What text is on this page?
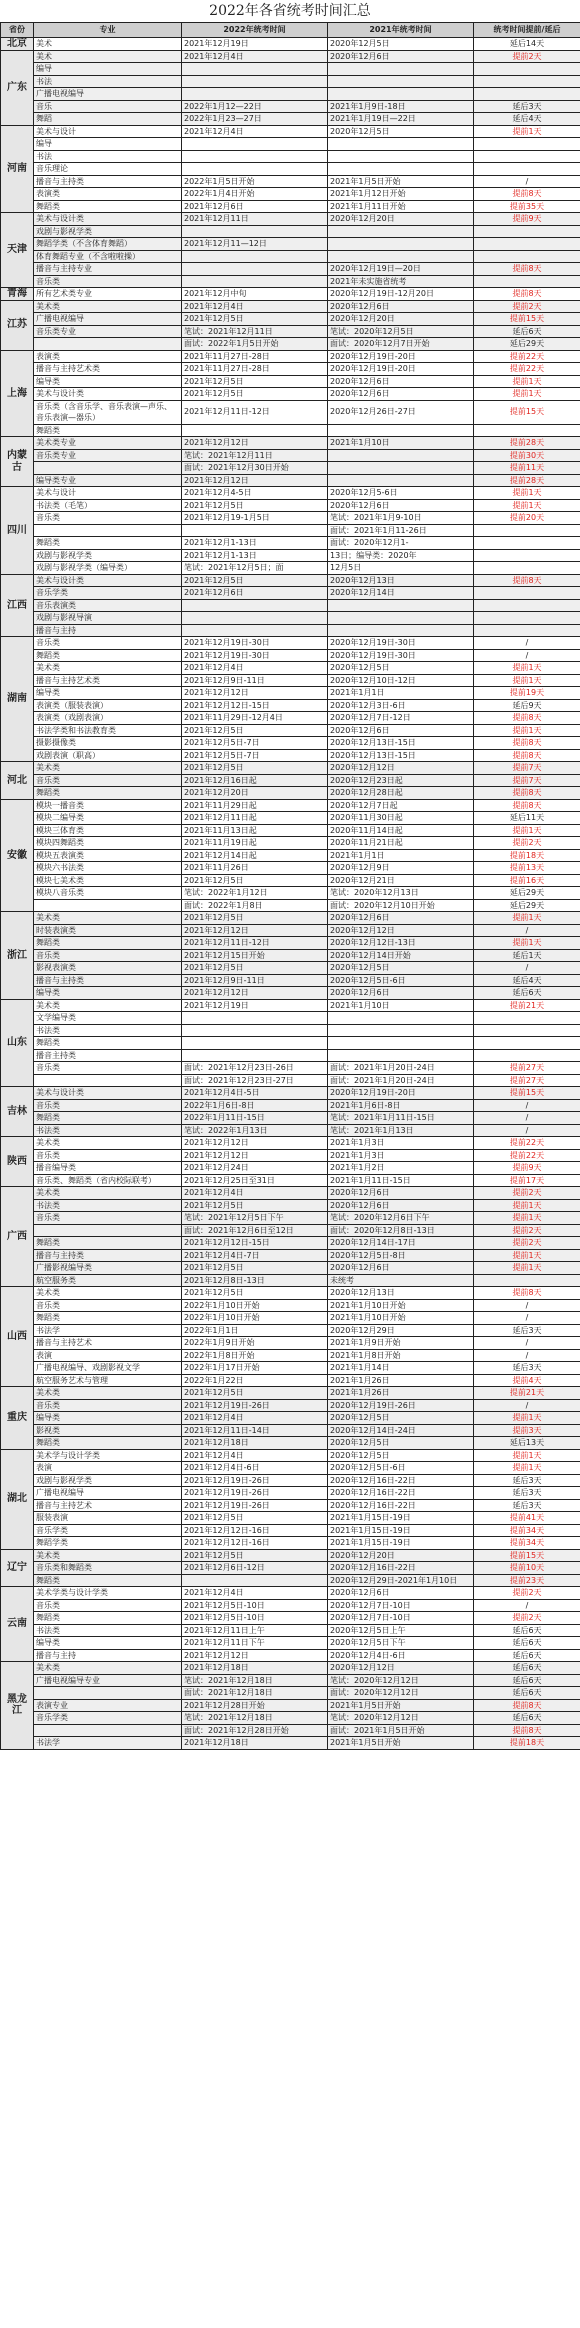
2022年各省统考时间汇总
省份	专业	2022年统考时间	2021年统考时间	统考时间提前/延后
北京	美术	2021年12月19日	2020年12月5日	延后14天
广东	美术	2021年12月4日	2020年12月6日	提前2天
	编导			
	书法			
	广播电视编导			
	音乐	2022年1月12—22日	2021年1月9日-18日	延后3天
	舞蹈	2022年1月23—27日	2021年1月19日—22日	延后4天
河南	美术与设计	2021年12月4日	2020年12月5日	提前1天
	编导			
	书法			
	音乐理论			
	播音与主持类	2022年1月5日开始	2021年1月5日开始	/
	表演类	2022年1月4日开始	2021年1月12日开始	提前8天
	舞蹈类	2021年12月6日	2021年1月11日开始	提前35天
天津	美术与设计类	2021年12月11日	2020年12月20日	提前9天
	戏剧与影视学类			
	舞蹈学类（不含体育舞蹈）	2021年12月11—12日		
	体育舞蹈专业（不含啦啦操）			
	播音与主持专业		2020年12月19日—20日	提前8天
	音乐类		2021年未实施省统考	
青海	所有艺术类专业	2021年12月中旬	2020年12月19日-12月20日	提前8天
江苏	美术类	2021年12月4日	2020年12月6日	提前2天
	广播电视编导	2021年12月5日	2020年12月20日	提前15天
	音乐类专业	笔试：2021年12月11日	笔试：2020年12月5日	延后6天
		面试：2022年1月5日开始	面试：2020年12月7日开始	延后29天
上海	表演类	2021年11月27日-28日	2020年12月19日-20日	提前22天
	播音与主持艺术类	2021年11月27日-28日	2020年12月19日-20日	提前22天
	编导类	2021年12月5日	2020年12月6日	提前1天
	美术与设计类	2021年12月5日	2020年12月6日	提前1天
	音乐类（含音乐学、音乐表演—声乐、音乐表演—器乐）	2021年12月11日-12日	2020年12月26日-27日	提前15天
	舞蹈类			
内蒙古	美术类专业	2021年12月12日	2021年1月10日	提前28天
	音乐类专业	笔试：2021年12月11日		提前30天
		面试：2021年12月30日开始		提前11天
	编导类专业	2021年12月12日		提前28天
四川	美术与设计	2021年12月4-5日	2020年12月5-6日	提前1天
	书法类（毛笔）	2021年12月5日	2020年12月6日	提前1天
	音乐类	2021年12月19-1月5日	笔试：2021年1月9-10日	提前20天
			面试：2021年1月11-26日	
	舞蹈类	2021年12月1-13日	面试：2020年12月1-	
	戏剧与影视学类	2021年12月1-13日	13日；编导类：2020年	
	戏剧与影视学类（编导类）	笔试：2021年12月5日；面	12月5日	
江西	美术与设计类	2021年12月5日	2020年12月13日	提前8天
	音乐学类	2021年12月6日	2020年12月14日	
	音乐表演类			
	戏剧与影视导演			
	播音与主持			
湖南	音乐类	2021年12月19日-30日	2020年12月19日-30日	/
	舞蹈类	2021年12月19日-30日	2020年12月19日-30日	/
	美术类	2021年12月4日	2020年12月5日	提前1天
	播音与主持艺术类	2021年12月9日-11日	2020年12月10日-12日	提前1天
	编导类	2021年12月12日	2021年1月1日	提前19天
	表演类（服装表演）	2021年12月12日-15日	2020年12月3日-6日	延后9天
	表演类（戏剧表演）	2021年11月29日-12月4日	2020年12月7日-12日	提前8天
	书法学类和书法教育类	2021年12月5日	2020年12月6日	提前1天
	摄影摄像类	2021年12月5日-7日	2020年12月13日-15日	提前8天
	戏剧表演（职高）	2021年12月5日-7日	2020年12月13日-15日	提前8天
河北	美术类	2021年12月5日	2020年12月12日	提前7天
	音乐类	2021年12月16日起	2020年12月23日起	提前7天
	舞蹈类	2021年12月20日	2020年12月28日起	提前8天
安徽	模块一播音类	2021年11月29日起	2020年12月7日起	提前8天
	模块二编导类	2021年12月11日起	2020年11月30日起	延后11天
	模块三体育类	2021年11月13日起	2020年11月14日起	提前1天
	模块四舞蹈类	2021年11月19日起	2020年11月21日起	提前2天
	模块五表演类	2021年12月14日起	2021年1月1日	提前18天
	模块六书法类	2021年11月26日	2020年12月9日	提前13天
	模块七美术类	2021年12月5日	2020年12月21日	提前16天
	模块八音乐类	笔试：2022年1月12日	笔试：2020年12月13日	延后29天
		面试：2022年1月8日	面试：2020年12月10日开始	延后29天
浙江	美术类	2021年12月5日	2020年12月6日	提前1天
	时装表演类	2021年12月12日	2020年12月12日	/
	舞蹈类	2021年12月11日-12日	2020年12月12日-13日	提前1天
	音乐类	2021年12月15日开始	2020年12月14日开始	延后1天
	影视表演类	2021年12月5日	2020年12月5日	/
	播音与主持类	2021年12月9日-11日	2020年12月5日-6日	延后4天
	编导类	2021年12月12日	2020年12月6日	延后6天
山东	美术类	2021年12月19日	2021年1月10日	提前21天
	文学编导类			
	书法类			
	舞蹈类			
	播音主持类			
	音乐类	面试：2021年12月23日-26日	面试：2021年1月20日-24日	提前27天
		面试：2021年12月23日-27日	面试：2021年1月20日-24日	提前27天
吉林	美术与设计类	2021年12月4日-5日	2020年12月19日-20日	提前15天
	音乐类	2022年1月6日-8日	2021年1月6日-8日	/
	舞蹈类	2022年1月11日-15日	笔试：2021年1月11日-15日	/
	书法类	笔试：2022年1月13日	笔试：2021年1月13日	/
陕西	美术类	2021年12月12日	2021年1月3日	提前22天
	音乐类	2021年12月12日	2021年1月3日	提前22天
	播音编导类	2021年12月24日	2021年1月2日	提前9天
	音乐类、舞蹈类（省内校际联考）	2021年12月25日至31日	2021年1月11日-15日	提前17天
广西	美术类	2021年12月4日	2020年12月6日	提前2天
	书法类	2021年12月5日	2020年12月6日	提前1天
	音乐类	笔试：2021年12月5日下午	笔试：2020年12月6日下午	提前1天
		面试：2021年12月6日至12日	面试：2020年12月8日-13日	提前2天
	舞蹈类	2021年12月12日-15日	2020年12月14日-17日	提前2天
	播音与主持类	2021年12月4日-7日	2020年12月5日-8日	提前1天
	广播影视编导类	2021年12月5日	2020年12月6日	提前1天
	航空服务类	2021年12月8日-13日	未统考	
山西	美术类	2021年12月5日	2020年12月13日	提前8天
	音乐类	2022年1月10日开始	2021年1月10日开始	/
	舞蹈类	2022年1月10日开始	2021年1月10日开始	/
	书法学	2022年1月1日	2020年12月29日	延后3天
	播音与主持艺术	2022年1月9日开始	2021年1月9日开始	/
	表演	2022年1月8日开始	2021年1月8日开始	/
	广播电视编导、戏剧影视文学	2022年1月17日开始	2021年1月14日	延后3天
	航空服务艺术与管理	2022年1月22日	2021年1月26日	提前4天
重庆	美术类	2021年12月5日	2021年1月26日	提前21天
	音乐类	2021年12月19日-26日	2020年12月19日-26日	/
	编导类	2021年12月4日	2020年12月5日	提前1天
	影视类	2021年12月11日-14日	2020年12月14日-24日	提前3天
	舞蹈类	2021年12月18日	2020年12月5日	延后13天
湖北	美术学与设计学类	2021年12月4日	2020年12月5日	提前1天
	表演	2021年12月4日-6日	2020年12月5日-6日	提前1天
	戏剧与影视学类	2021年12月19日-26日	2020年12月16日-22日	延后3天
	广播电视编导	2021年12月19日-26日	2020年12月16日-22日	延后3天
	播音与主持艺术	2021年12月19日-26日	2020年12月16日-22日	延后3天
	服装表演	2021年12月5日	2021年1月15日-19日	提前41天
	音乐学类	2021年12月12日-16日	2021年1月15日-19日	提前34天
	舞蹈学类	2021年12月12日-16日	2021年1月15日-19日	提前34天
辽宁	美术类	2021年12月5日	2020年12月20日	提前15天
	音乐类和舞蹈类	2021年12月6日-12日	2020年12月16日-22日	提前10天
	舞蹈类		2020年12月29日-2021年1月10日	提前23天
云南	美术学类与设计学类	2021年12月4日	2020年12月6日	提前2天
	音乐类	2021年12月5日-10日	2020年12月7日-10日	/
	舞蹈类	2021年12月5日-10日	2020年12月7日-10日	提前2天
	书法类	2021年12月11日上午	2020年12月5日上午	延后6天
	编导类	2021年12月11日下午	2020年12月5日下午	延后6天
	播音与主持	2021年12月12日	2020年12月4日-6日	延后6天
黑龙江	美术类	2021年12月18日	2020年12月12日	延后6天
	广播电视编导专业	笔试：2021年12月18日	笔试：2020年12月12日	延后6天
		面试：2021年12月18日	面试：2020年12月12日	延后6天
	表演专业	2021年12月28日开始	2021年1月5日开始	提前8天
	音乐学类	笔试：2021年12月18日	笔试：2020年12月12日	延后6天
		面试：2021年12月28日开始	面试：2021年1月5日开始	提前8天
	书法学	2021年12月18日	2021年1月5日开始	提前18天
